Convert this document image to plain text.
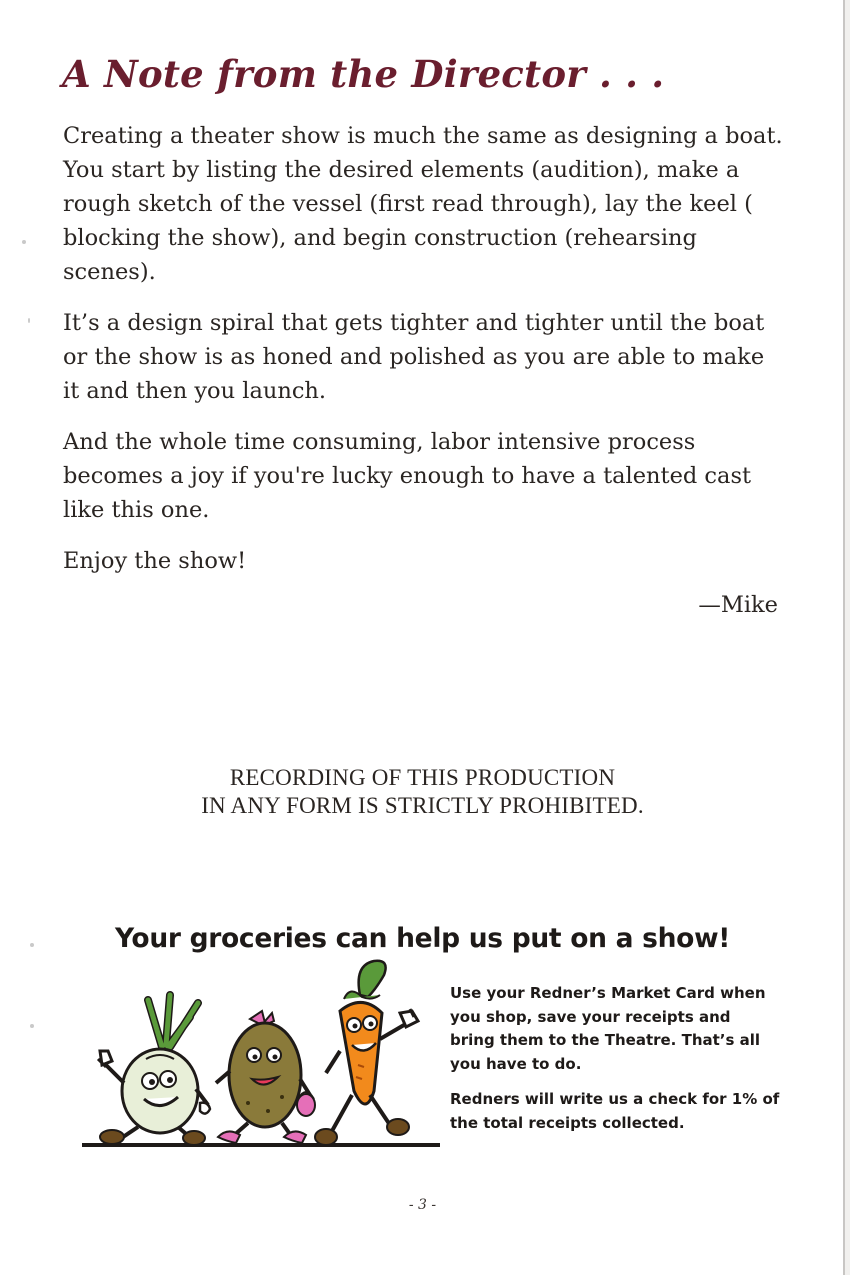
A Note from the Director . . .

Creating a theater show is much the same as designing a boat. You start by listing the desired elements (audition), make a rough sketch of the vessel (first read through), lay the keel ( blocking the show), and begin construction (rehearsing scenes).

It’s a design spiral that gets tighter and tighter until the boat or the show is as honed and polished as you are able to make it and then you launch.

And the whole time consuming, labor intensive process becomes a joy if you're lucky enough to have a talented cast like this one.

Enjoy the show!

—Mike
RECORDING OF THIS PRODUCTION
IN ANY FORM IS STRICTLY PROHIBITED.
Your groceries can help us put on a show!

Use your Redner’s Market Card when you shop, save your receipts and bring them to the Theatre. That’s all you have to do.

Redners will write us a check for 1% of the total receipts collected.

- 3 -
